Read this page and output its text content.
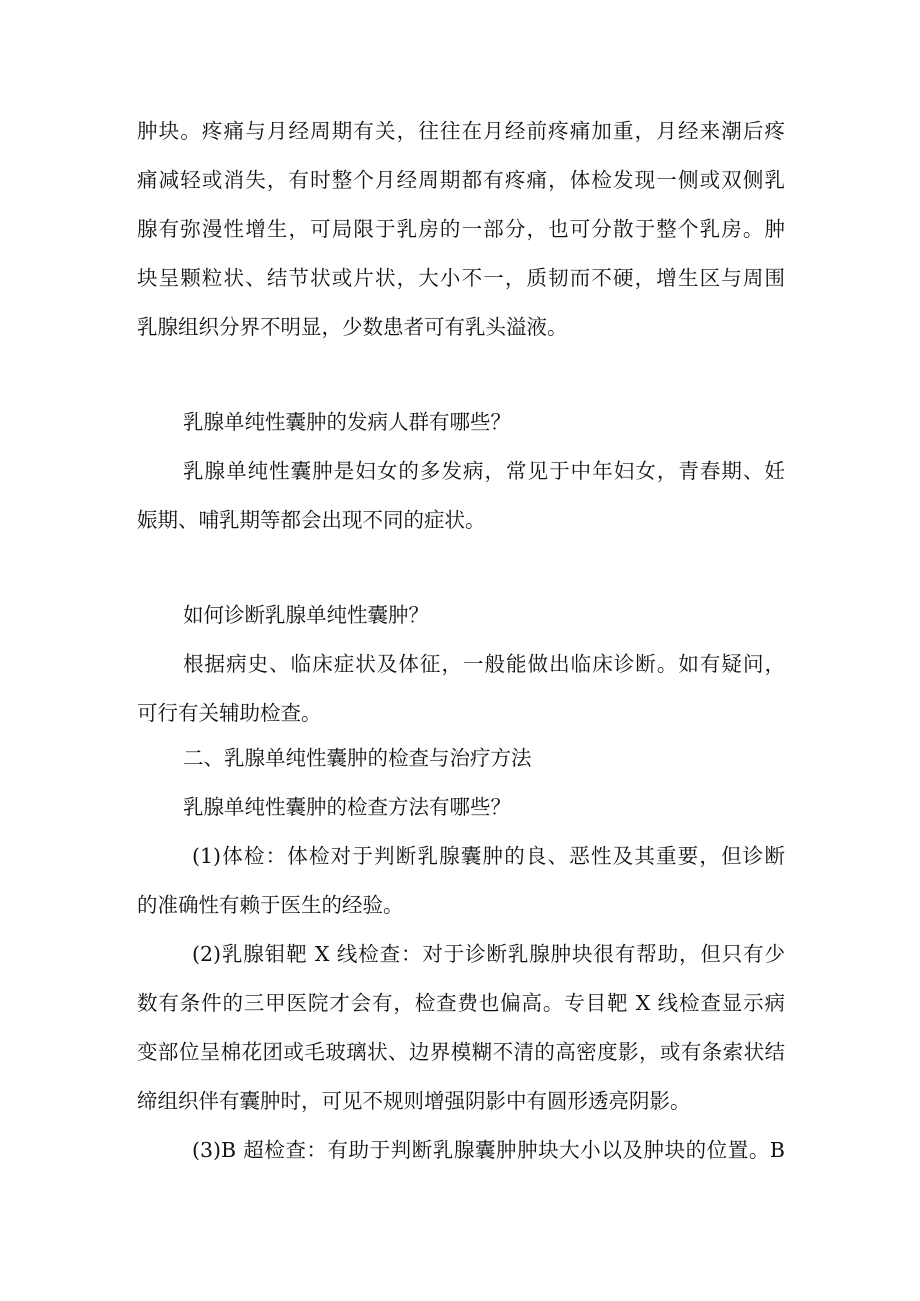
肿块。疼痛与月经周期有关，往往在月经前疼痛加重，月经来潮后疼

痛减轻或消失，有时整个月经周期都有疼痛，体检发现一侧或双侧乳

腺有弥漫性增生，可局限于乳房的一部分，也可分散于整个乳房。肿

块呈颗粒状、结节状或片状，大小不一，质韧而不硬，增生区与周围

乳腺组织分界不明显，少数患者可有乳头溢液。

乳腺单纯性囊肿的发病人群有哪些？

乳腺单纯性囊肿是妇女的多发病，常见于中年妇女，青春期、妊

娠期、哺乳期等都会出现不同的症状。

如何诊断乳腺单纯性囊肿？

根据病史、临床症状及体征，一般能做出临床诊断。如有疑问，

可行有关辅助检查。

二、乳腺单纯性囊肿的检查与治疗方法

乳腺单纯性囊肿的检查方法有哪些？

(1)体检：体检对于判断乳腺囊肿的良、恶性及其重要，但诊断

的准确性有赖于医生的经验。

(2)乳腺钼靶 X 线检查：对于诊断乳腺肿块很有帮助，但只有少

数有条件的三甲医院才会有，检查费也偏高。专目靶 X 线检查显示病

变部位呈棉花团或毛玻璃状、边界模糊不清的高密度影，或有条索状结

缔组织伴有囊肿时，可见不规则增强阴影中有圆形透亮阴影。

(3)B 超检查：有助于判断乳腺囊肿肿块大小以及肿块的位置。B
